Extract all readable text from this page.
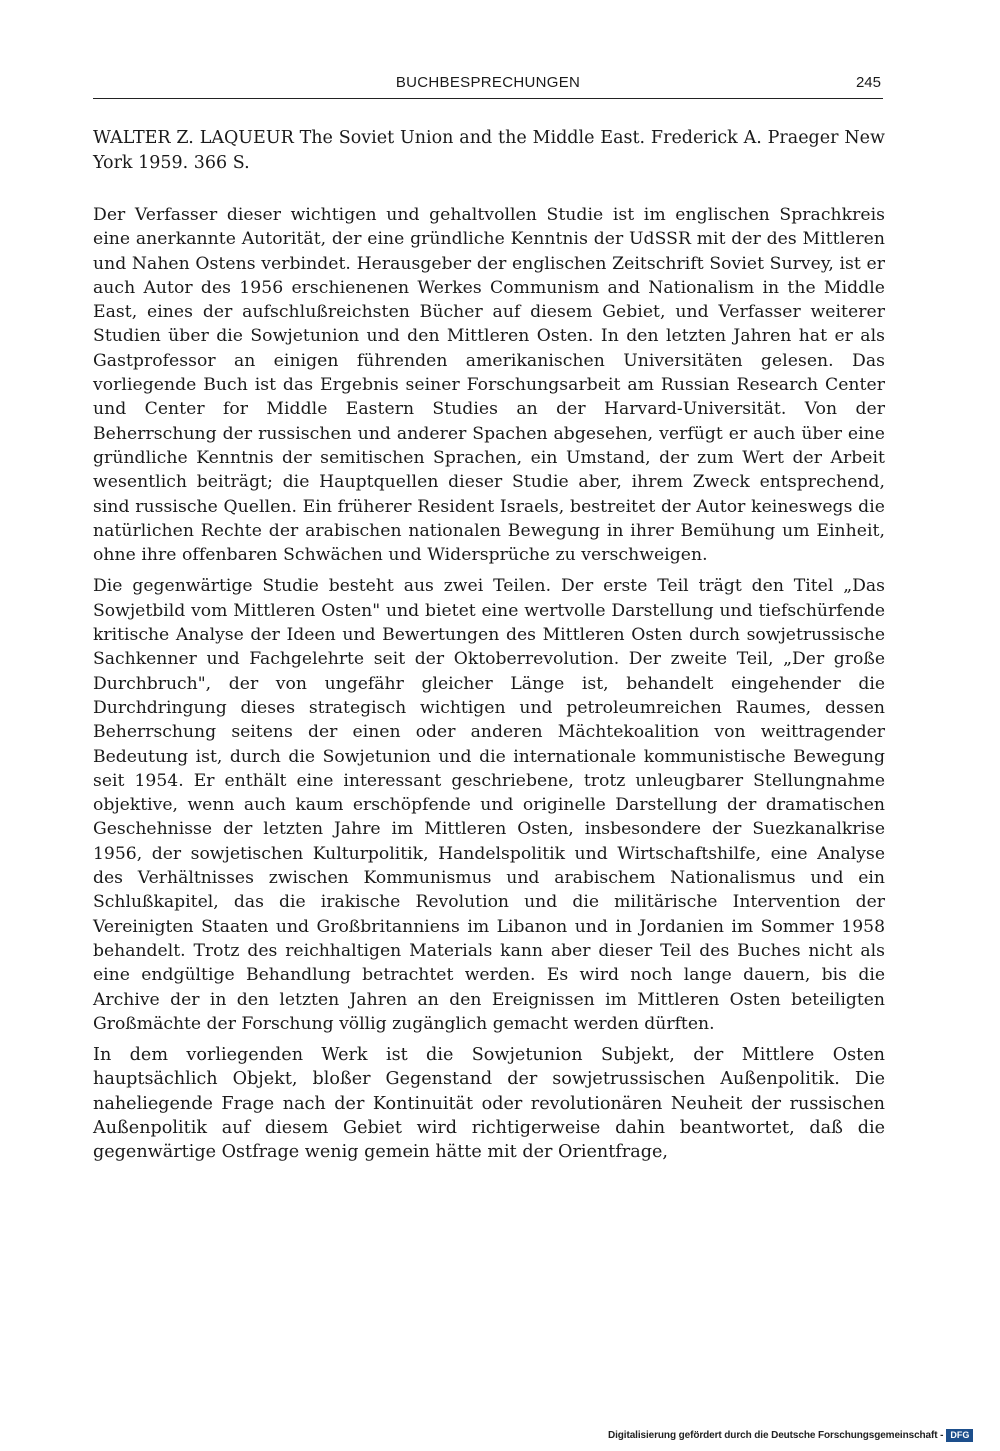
BUCHBESPRECHUNGEN	245
WALTER Z. LAQUEUR The Soviet Union and the Middle East. Frederick A. Praeger New York 1959. 366 S.

Der Verfasser dieser wichtigen und gehaltvollen Studie ist im englischen Sprachkreis eine anerkannte Autorität, der eine gründliche Kenntnis der UdSSR mit der des Mittleren und Nahen Ostens verbindet. Herausgeber der englischen Zeitschrift Soviet Survey, ist er auch Autor des 1956 erschienenen Werkes Communism and Nationalism in the Middle East, eines der aufschlußreichsten Bücher auf diesem Gebiet, und Verfasser weiterer Studien über die Sowjetunion und den Mittleren Osten. In den letzten Jahren hat er als Gastprofessor an einigen führenden amerikanischen Universitäten gelesen. Das vorliegende Buch ist das Ergebnis seiner Forschungsarbeit am Russian Research Center und Center for Middle Eastern Studies an der Harvard-Universität. Von der Beherrschung der russischen und anderer Spachen abgesehen, verfügt er auch über eine gründliche Kenntnis der semitischen Sprachen, ein Umstand, der zum Wert der Arbeit wesentlich beiträgt; die Hauptquellen dieser Studie aber, ihrem Zweck entsprechend, sind russische Quellen. Ein früherer Resident Israels, bestreitet der Autor keineswegs die natürlichen Rechte der arabischen nationalen Bewegung in ihrer Bemühung um Einheit, ohne ihre offenbaren Schwächen und Widersprüche zu verschweigen.

Die gegenwärtige Studie besteht aus zwei Teilen. Der erste Teil trägt den Titel „Das Sowjetbild vom Mittleren Osten" und bietet eine wertvolle Darstellung und tiefschürfende kritische Analyse der Ideen und Bewertungen des Mittleren Osten durch sowjetrussische Sachkenner und Fachgelehrte seit der Oktoberrevolution. Der zweite Teil, „Der große Durchbruch", der von ungefähr gleicher Länge ist, behandelt eingehender die Durchdringung dieses strategisch wichtigen und petroleumreichen Raumes, dessen Beherrschung seitens der einen oder anderen Mächtekoalition von weittragender Bedeutung ist, durch die Sowjetunion und die internationale kommunistische Bewegung seit 1954. Er enthält eine interessant geschriebene, trotz unleugbarer Stellungnahme objektive, wenn auch kaum erschöpfende und originelle Darstellung der dramatischen Geschehnisse der letzten Jahre im Mittleren Osten, insbesondere der Suezkanalkrise 1956, der sowjetischen Kulturpolitik, Handelspolitik und Wirtschaftshilfe, eine Analyse des Verhältnisses zwischen Kommunismus und arabischem Nationalismus und ein Schlußkapitel, das die irakische Revolution und die militärische Intervention der Vereinigten Staaten und Großbritanniens im Libanon und in Jordanien im Sommer 1958 behandelt. Trotz des reichhaltigen Materials kann aber dieser Teil des Buches nicht als eine endgültige Behandlung betrachtet werden. Es wird noch lange dauern, bis die Archive der in den letzten Jahren an den Ereignissen im Mittleren Osten beteiligten Großmächte der Forschung völlig zugänglich gemacht werden dürften.

In dem vorliegenden Werk ist die Sowjetunion Subjekt, der Mittlere Osten hauptsächlich Objekt, bloßer Gegenstand der sowjetrussischen Außenpolitik. Die naheliegende Frage nach der Kontinuität oder revolutionären Neuheit der russischen Außenpolitik auf diesem Gebiet wird richtigerweise dahin beantwortet, daß die gegenwärtige Ostfrage wenig gemein hätte mit der Orientfrage,

Digitalisierung gefördert durch die Deutsche Forschungsgemeinschaft - DFG
